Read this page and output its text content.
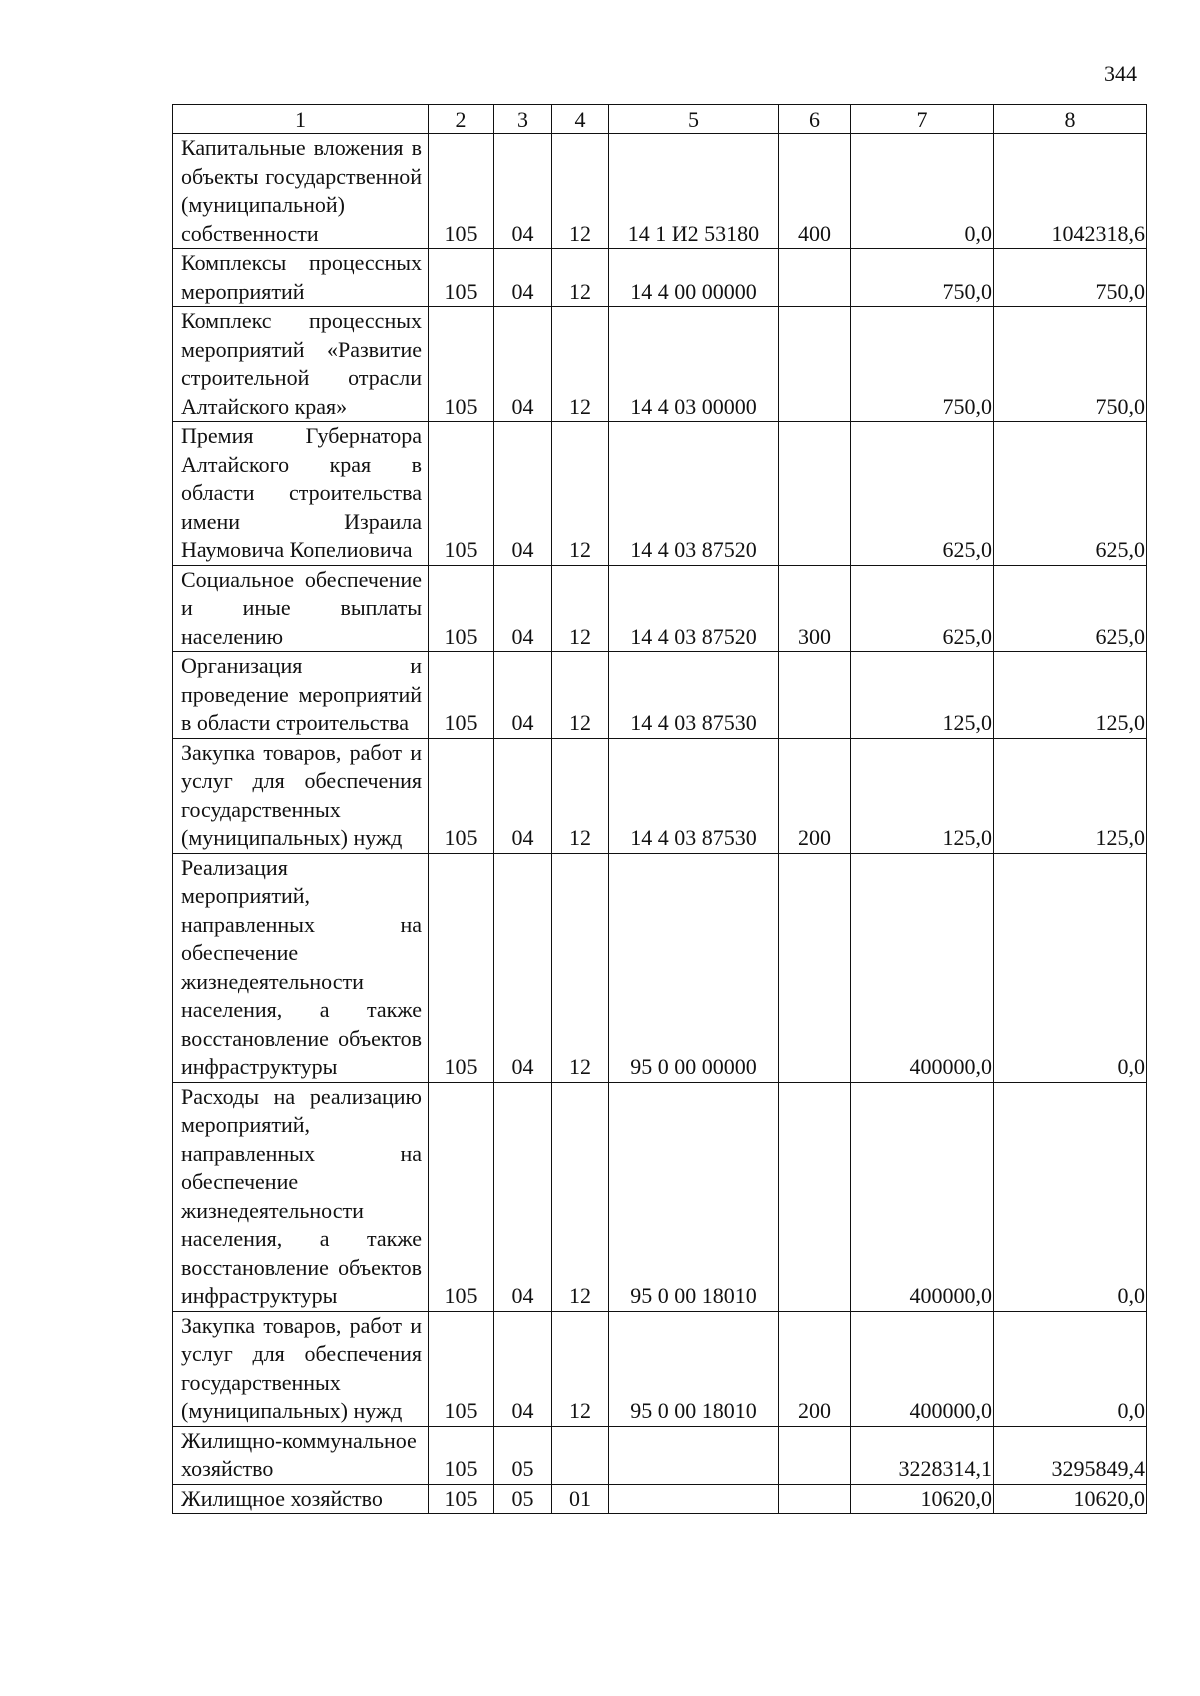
344
1	2	3	4	5	6	7	8
Капитальные вложения в объекты государственной (муниципальной) собственности	105	04	12	14 1 И2 53180	400	0,0	1042318,6
Комплексы процессных мероприятий	105	04	12	14 4 00 00000		750,0	750,0
Комплекс процессных мероприятий «Развитие строительной отрасли Алтайского края»	105	04	12	14 4 03 00000		750,0	750,0
Премия Губернатора Алтайского края в области строительства имени Израила Наумовича Копелиовича	105	04	12	14 4 03 87520		625,0	625,0
Социальное обеспечение и иные выплаты населению	105	04	12	14 4 03 87520	300	625,0	625,0
Организация и проведение мероприятий в области строительства	105	04	12	14 4 03 87530		125,0	125,0
Закупка товаров, работ и услуг для обеспечения государственных (муниципальных) нужд	105	04	12	14 4 03 87530	200	125,0	125,0
Реализация мероприятий, направленных на обеспечение жизнедеятельности населения, а также восстановление объектов инфраструктуры	105	04	12	95 0 00 00000		400000,0	0,0
Расходы на реализацию мероприятий, направленных на обеспечение жизнедеятельности населения, а также восстановление объектов инфраструктуры	105	04	12	95 0 00 18010		400000,0	0,0
Закупка товаров, работ и услуг для обеспечения государственных (муниципальных) нужд	105	04	12	95 0 00 18010	200	400000,0	0,0
Жилищно-коммунальное хозяйство	105	05				3228314,1	3295849,4
Жилищное хозяйство	105	05	01			10620,0	10620,0
